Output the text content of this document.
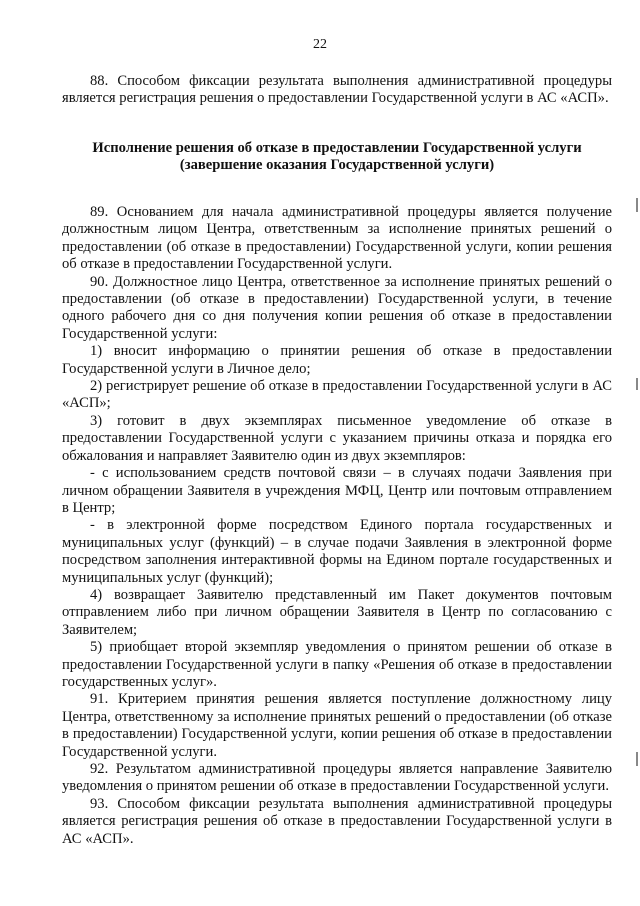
22

88. Способом фиксации результата выполнения административной процедуры является регистрация решения о предоставлении Государственной услуги в АС «АСП».

Исполнение решения об отказе в предоставлении Государственной услуги
(завершение оказания Государственной услуги)

89. Основанием для начала административной процедуры является получение должностным лицом Центра, ответственным за исполнение принятых решений о предоставлении (об отказе в предоставлении) Государственной услуги, копии решения об отказе в предоставлении Государственной услуги.

90. Должностное лицо Центра, ответственное за исполнение принятых решений о предоставлении (об отказе в предоставлении) Государственной услуги, в течение одного рабочего дня со дня получения копии решения об отказе в предоставлении Государственной услуги:

1) вносит информацию о принятии решения об отказе в предоставлении Государственной услуги в Личное дело;

2) регистрирует решение об отказе в предоставлении Государственной услуги в АС «АСП»;

3) готовит в двух экземплярах письменное уведомление об отказе в предоставлении Государственной услуги с указанием причины отказа и порядка его обжалования и направляет Заявителю один из двух экземпляров:

- с использованием средств почтовой связи – в случаях подачи Заявления при личном обращении Заявителя в учреждения МФЦ, Центр или почтовым отправлением в Центр;

- в электронной форме посредством Единого портала государственных и муниципальных услуг (функций) – в случае подачи Заявления в электронной форме посредством заполнения интерактивной формы на Едином портале государственных и муниципальных услуг (функций);

4) возвращает Заявителю представленный им Пакет документов почтовым отправлением либо при личном обращении Заявителя в Центр по согласованию с Заявителем;

5) приобщает второй экземпляр уведомления о принятом решении об отказе в предоставлении Государственной услуги в папку «Решения об отказе в предоставлении государственных услуг».

91. Критерием принятия решения является поступление должностному лицу Центра, ответственному за исполнение принятых решений о предоставлении (об отказе в предоставлении) Государственной услуги, копии решения об отказе в предоставлении Государственной услуги.

92. Результатом административной процедуры является направление Заявителю уведомления о принятом решении об отказе в предоставлении Государственной услуги.

93. Способом фиксации результата выполнения административной процедуры является регистрация решения об отказе в предоставлении Государственной услуги в АС «АСП».
